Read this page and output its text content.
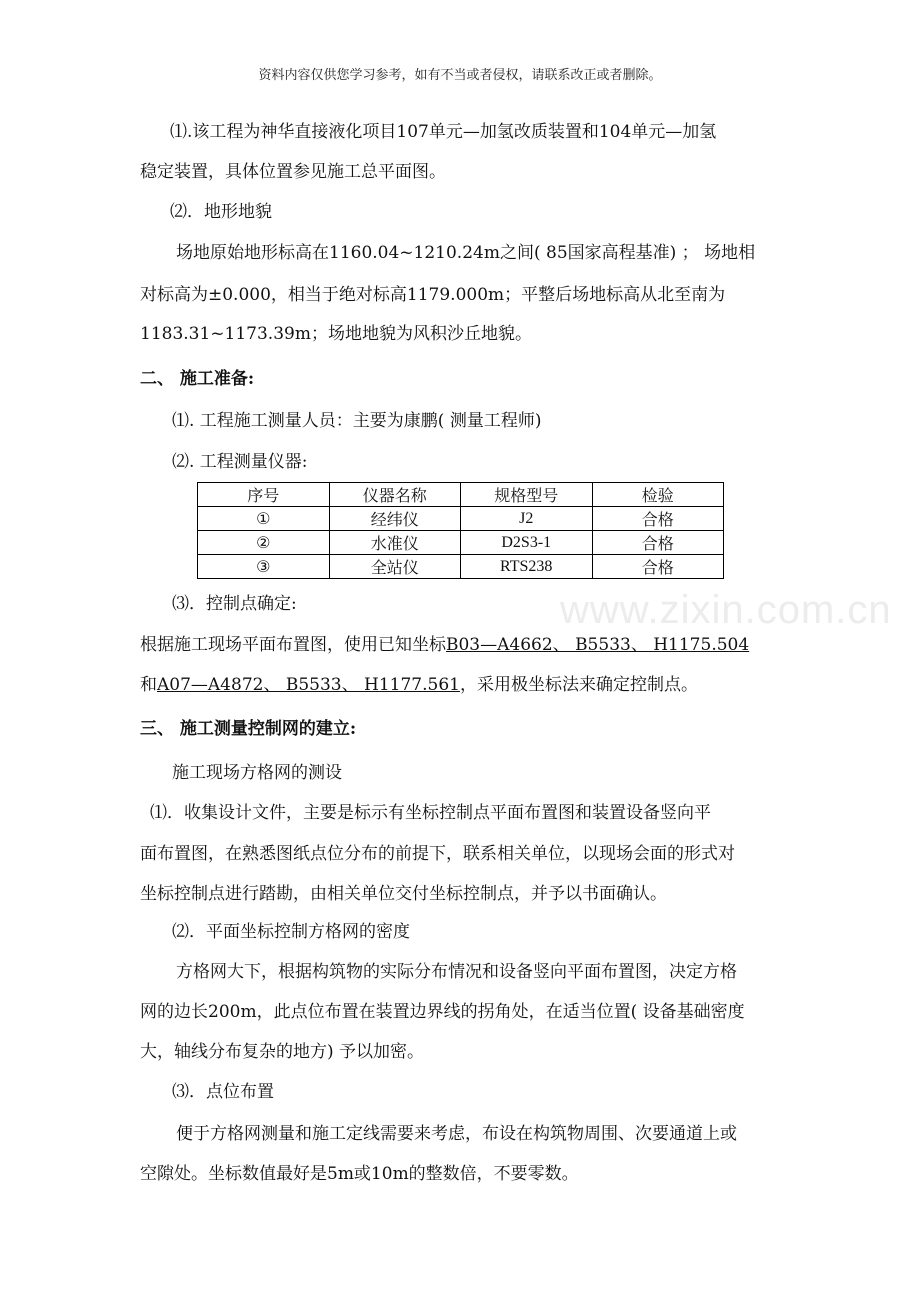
资料内容仅供您学习参考，如有不当或者侵权，请联系改正或者删除。
www.zixin.com.cn
⑴.该工程为神华直接液化项目107单元—加氢改质装置和104单元—加氢
稳定装置，具体位置参见施工总平面图。
⑵．地形地貌
场地原始地形标高在1160.04~1210.24m之间( 85国家高程基准) ； 场地相
对标高为±0.000，相当于绝对标高1179.000m；平整后场地标高从北至南为
1183.31~1173.39m；场地地貌为风积沙丘地貌。
二、 施工准备:
⑴. 工程施工测量人员：主要为康鹏( 测量工程师)
⑵. 工程测量仪器:
序号	仪器名称	规格型号	检验
①	经纬仪	J2	合格
②	水准仪	D2S3-1	合格
③	全站仪	RTS238	合格
⑶．控制点确定:
根据施工现场平面布置图，使用已知坐标B03—A4662、 B5533、 H1175.504
和A07—A4872、 B5533、 H1177.561，采用极坐标法来确定控制点。
三、 施工测量控制网的建立:
施工现场方格网的测设
⑴．收集设计文件，主要是标示有坐标控制点平面布置图和装置设备竖向平
面布置图，在熟悉图纸点位分布的前提下，联系相关单位，以现场会面的形式对
坐标控制点进行踏勘，由相关单位交付坐标控制点，并予以书面确认。
⑵．平面坐标控制方格网的密度
方格网大下，根据构筑物的实际分布情况和设备竖向平面布置图，决定方格
网的边长200m，此点位布置在装置边界线的拐角处，在适当位置( 设备基础密度
大，轴线分布复杂的地方) 予以加密。
⑶．点位布置
便于方格网测量和施工定线需要来考虑，布设在构筑物周围、次要通道上或
空隙处。坐标数值最好是5m或10m的整数倍，不要零数。
